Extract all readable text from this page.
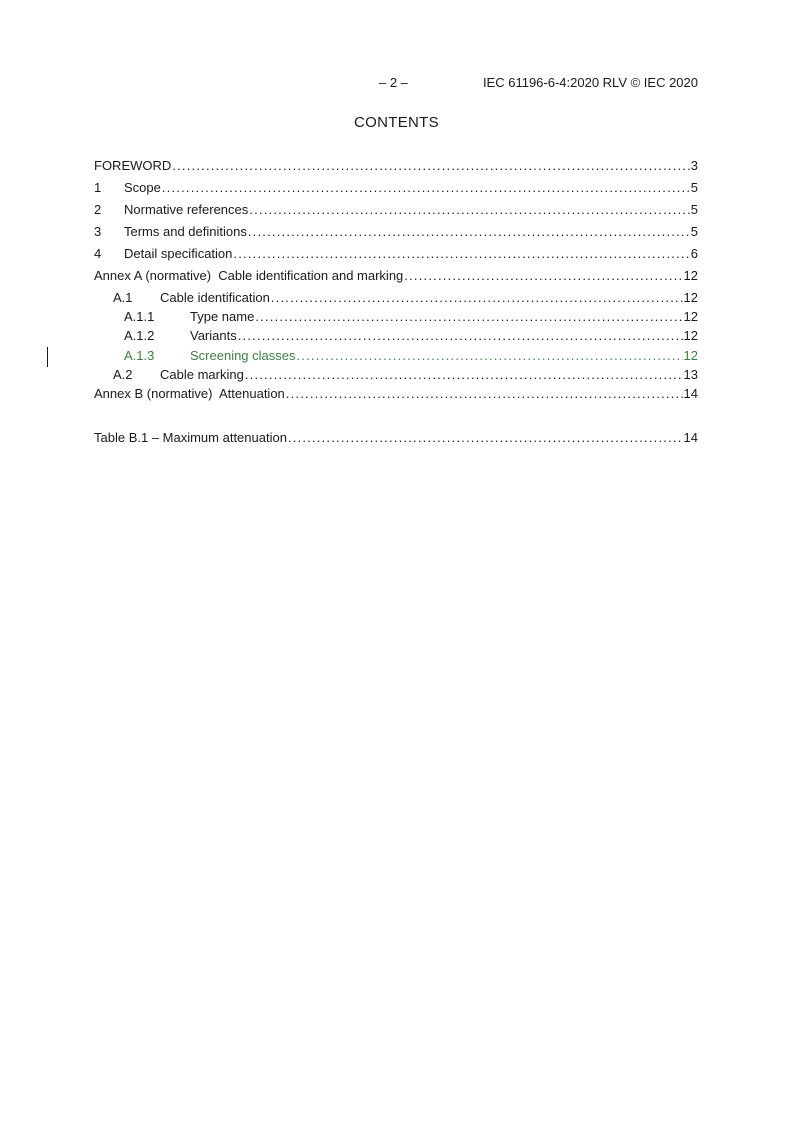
– 2 –	IEC 61196-6-4:2020 RLV © IEC 2020
CONTENTS
FOREWORD .....	3
1	Scope .....	5
2	Normative references .....	5
3	Terms and definitions .....	5
4	Detail specification .....	6
Annex A (normative)  Cable identification and marking .....	12
A.1	Cable identification .....	12
A.1.1	Type name .....	12
A.1.2	Variants .....	12
A.1.3	Screening classes .....	12
A.2	Cable marking .....	13
Annex B (normative)  Attenuation .....	14
Table B.1 – Maximum attenuation .....	14
